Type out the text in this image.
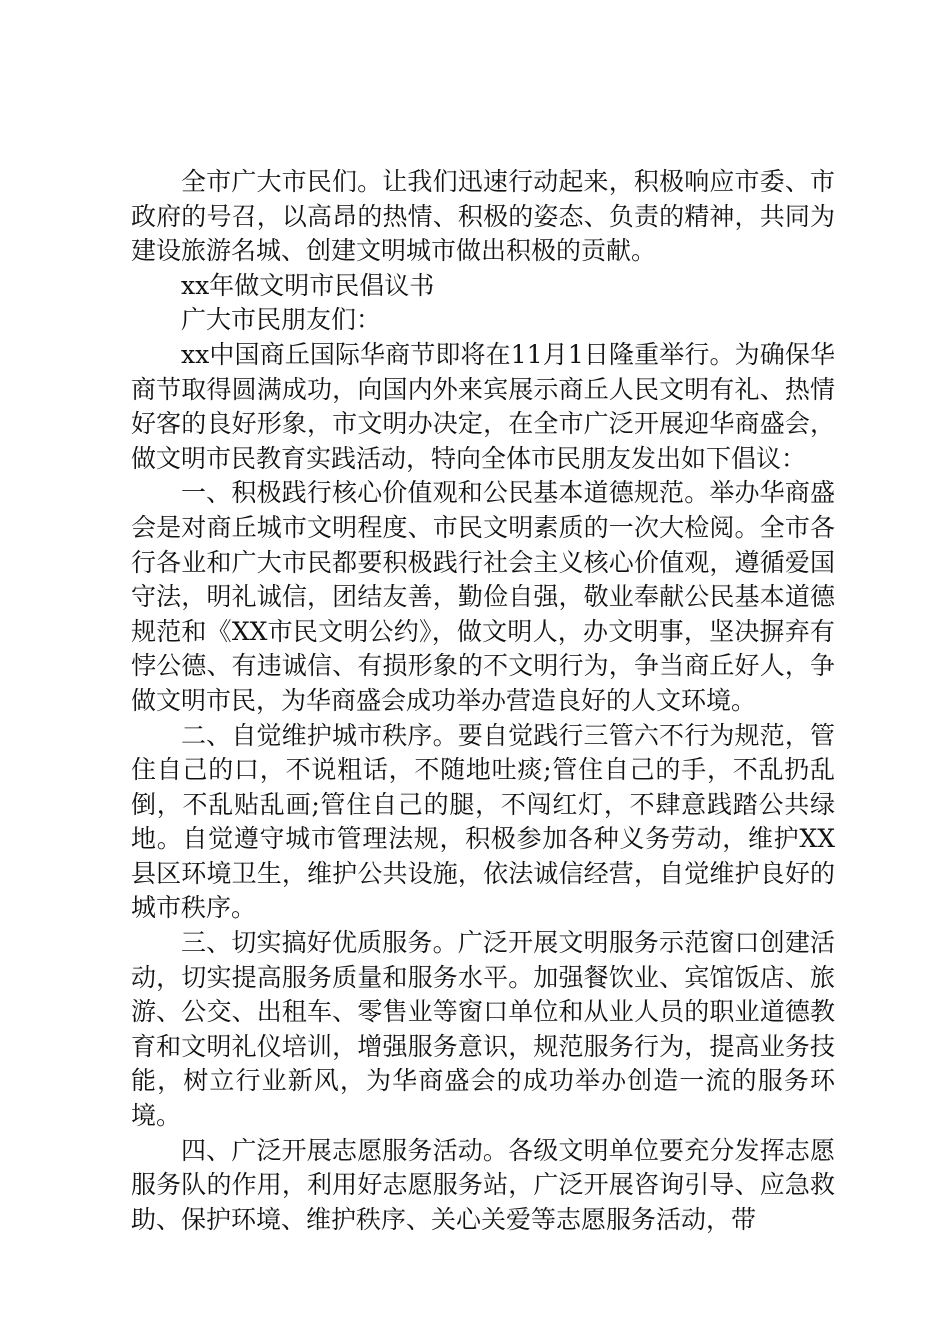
全市广大市民们。让我们迅速行动起来，积极响应市委、市政府的号召，以高昂的热情、积极的姿态、负责的精神，共同为建设旅游名城、创建文明城市做出积极的贡献。

xx年做文明市民倡议书

广大市民朋友们：

xx中国商丘国际华商节即将在11月1日隆重举行。为确保华商节取得圆满成功，向国内外来宾展示商丘人民文明有礼、热情好客的良好形象，市文明办决定，在全市广泛开展迎华商盛会，做文明市民教育实践活动，特向全体市民朋友发出如下倡议：

一、积极践行核心价值观和公民基本道德规范。举办华商盛会是对商丘城市文明程度、市民文明素质的一次大检阅。全市各行各业和广大市民都要积极践行社会主义核心价值观，遵循爱国守法，明礼诚信，团结友善，勤俭自强，敬业奉献公民基本道德规范和《XX市民文明公约》，做文明人，办文明事，坚决摒弃有悖公德、有违诚信、有损形象的不文明行为，争当商丘好人，争做文明市民，为华商盛会成功举办营造良好的人文环境。

二、自觉维护城市秩序。要自觉践行三管六不行为规范，管住自己的口，不说粗话，不随地吐痰;管住自己的手，不乱扔乱倒，不乱贴乱画;管住自己的腿，不闯红灯，不肆意践踏公共绿地。自觉遵守城市管理法规，积极参加各种义务劳动，维护XX县区环境卫生，维护公共设施，依法诚信经营，自觉维护良好的城市秩序。

三、切实搞好优质服务。广泛开展文明服务示范窗口创建活动，切实提高服务质量和服务水平。加强餐饮业、宾馆饭店、旅游、公交、出租车、零售业等窗口单位和从业人员的职业道德教育和文明礼仪培训，增强服务意识，规范服务行为，提高业务技能，树立行业新风，为华商盛会的成功举办创造一流的服务环境。

四、广泛开展志愿服务活动。各级文明单位要充分发挥志愿服务队的作用，利用好志愿服务站，广泛开展咨询引导、应急救助、保护环境、维护秩序、关心关爱等志愿服务活动，带
